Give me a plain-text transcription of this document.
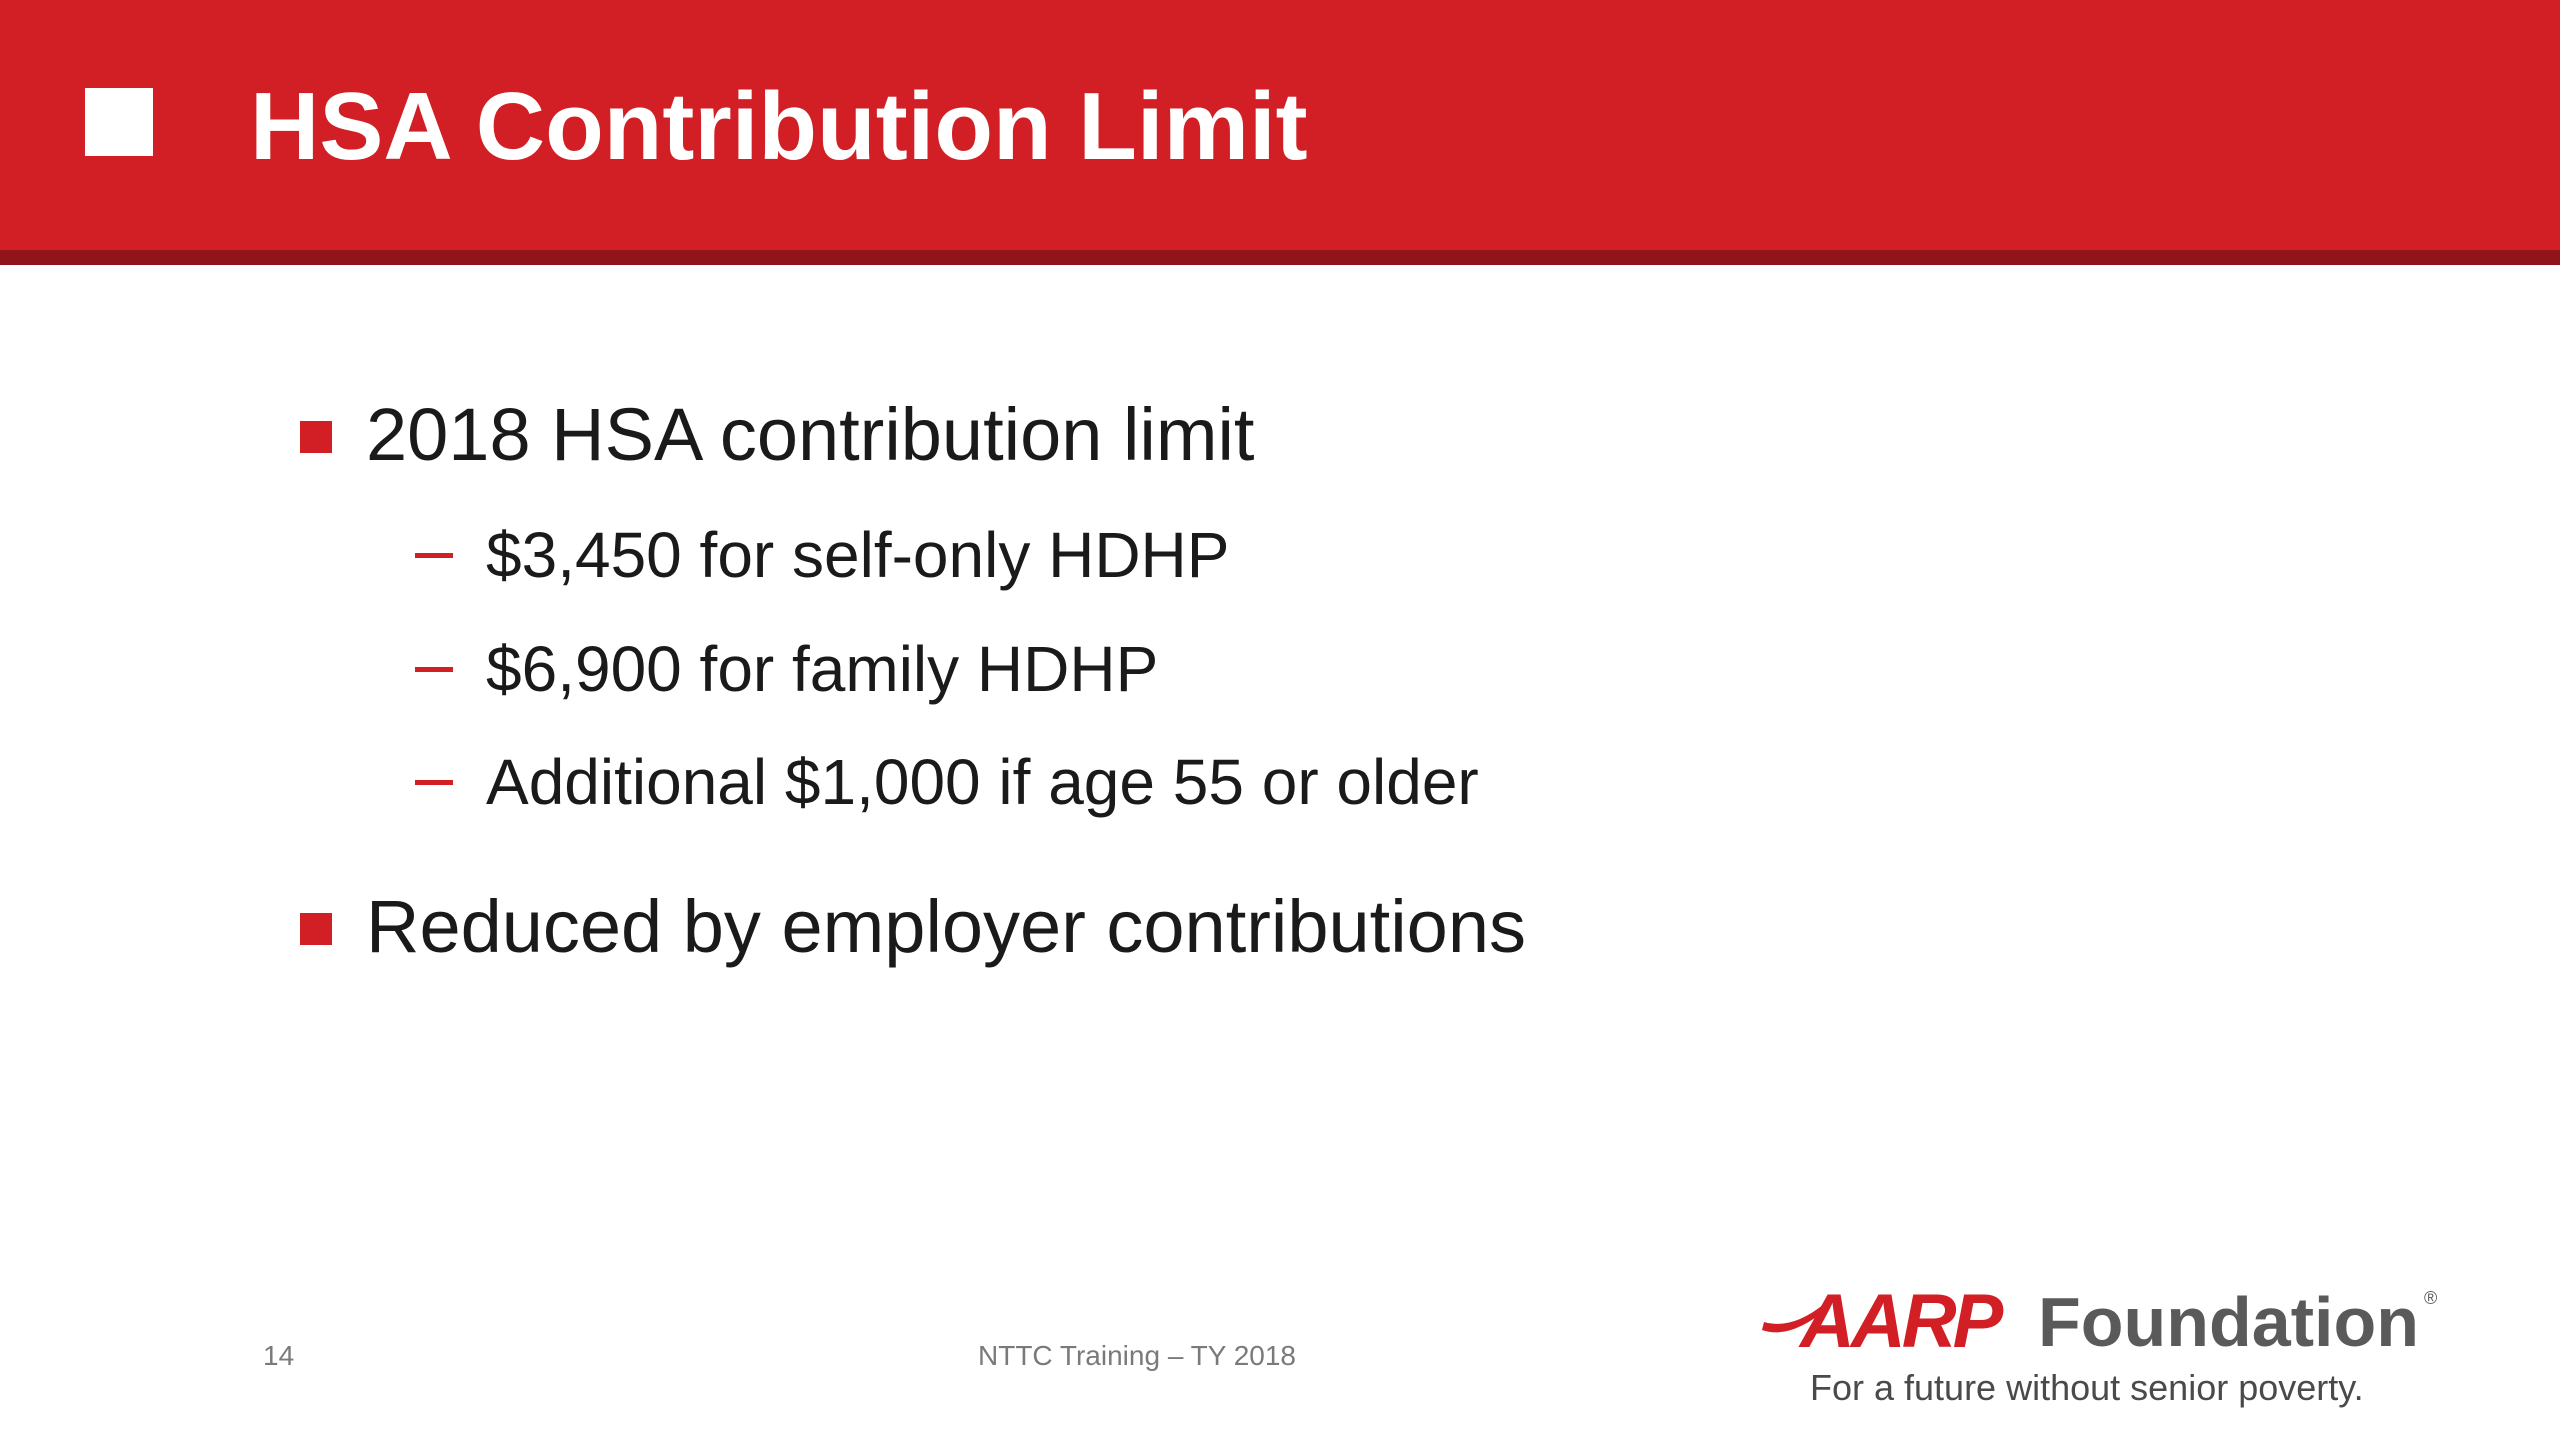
HSA Contribution Limit
2018 HSA contribution limit
$3,450 for self-only HDHP
$6,900 for family HDHP
Additional $1,000 if age 55 or older
Reduced by employer contributions
14	NTTC Training – TY 2018	AARP Foundation ®
For a future without senior poverty.
